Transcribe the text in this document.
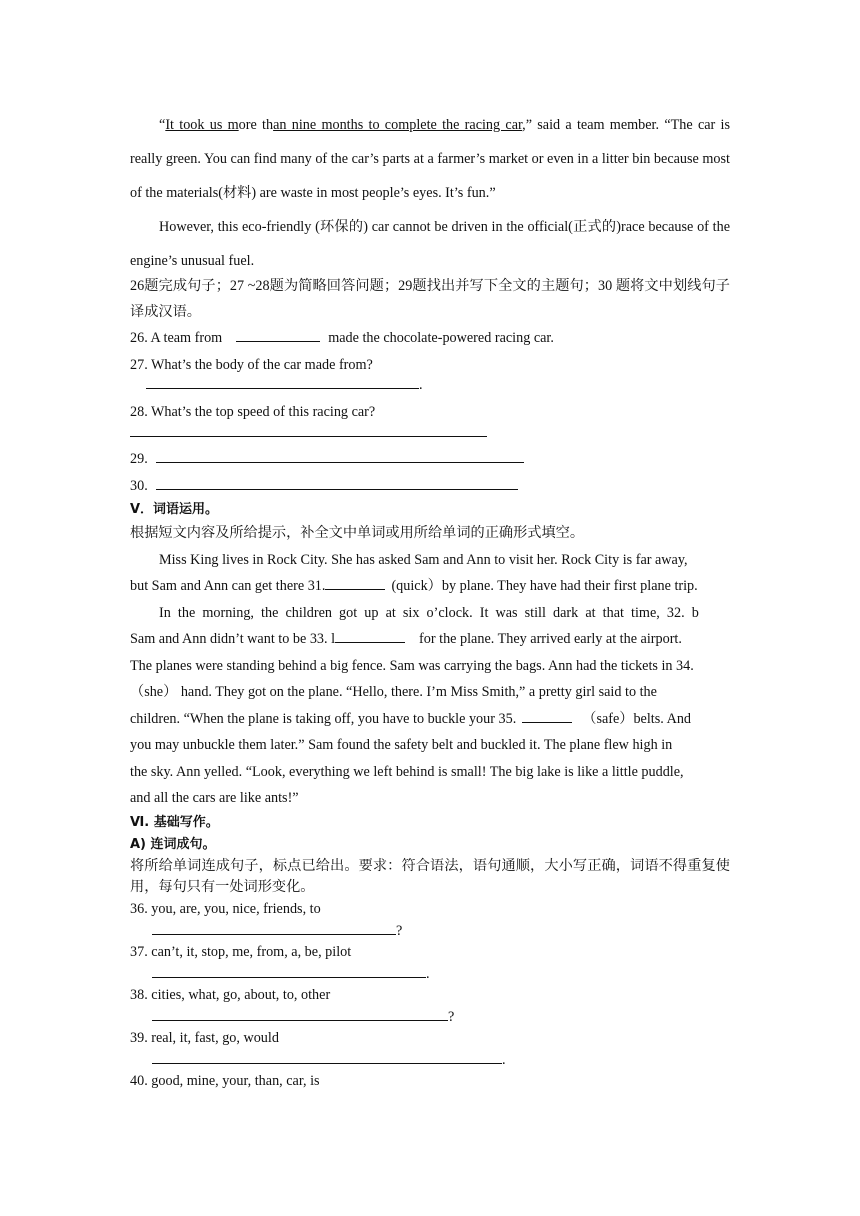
“It took us more than nine months to complete the racing car,” said a team member. “The car is really green. You can find many of the car’s parts at a farmer’s market or even in a litter bin because most of the materials(材料) are waste in most people’s eyes. It’s fun.”

However, this eco-friendly (环保的) car cannot be driven in the official(正式的)race because of the engine’s unusual fuel.

26题完成句子；27 ~28题为简略回答问题；29题找出并写下全文的主题句；30 题将文中划线句子译成汉语。

26. A team from	made the chocolate-powered racing car.
27. What’s the body of the car made from?
.
28. What’s the top speed of this racing car?
29.
30.
V．词语运用。
根据短文内容及所给提示，补全文中单词或用所给单词的正确形式填空。
Miss King lives in Rock City. She has asked Sam and Ann to visit her. Rock City is far away,
but Sam and Ann can get there 31.	(quick）by plane. They have had their first plane trip.
In  the  morning,  the  children  got  up  at  six  o’clock.  It  was  still  dark  at  that  time,  32.  b
Sam and Ann didn’t want to be 33. l	for the plane. They arrived early at the airport.
The planes were standing behind a big fence. Sam was carrying the bags. Ann had the tickets in 34.
（she） hand. They got on the plane. “Hello, there. I’m Miss Smith,” a pretty girl said to the
children. “When the plane is taking off, you have to buckle your 35.	（safe）belts. And
you may unbuckle them later.” Sam found the safety belt and buckled it. The plane flew high in
the sky. Ann yelled. “Look, everything we left behind is small! The big lake is like a little puddle,
and all the cars are like ants!”
Ⅵ. 基础写作。
A) 连词成句。
将所给单词连成句子，标点已给出。要求：符合语法，语句通顺，大小写正确，词语不得重复使用，每句只有一处词形变化。
36. you, are, you, nice, friends, to
?
37. can’t, it, stop, me, from, a, be, pilot
.
38. cities, what, go, about, to, other
?
39. real, it, fast, go, would
.
40. good, mine, your, than, car, is
